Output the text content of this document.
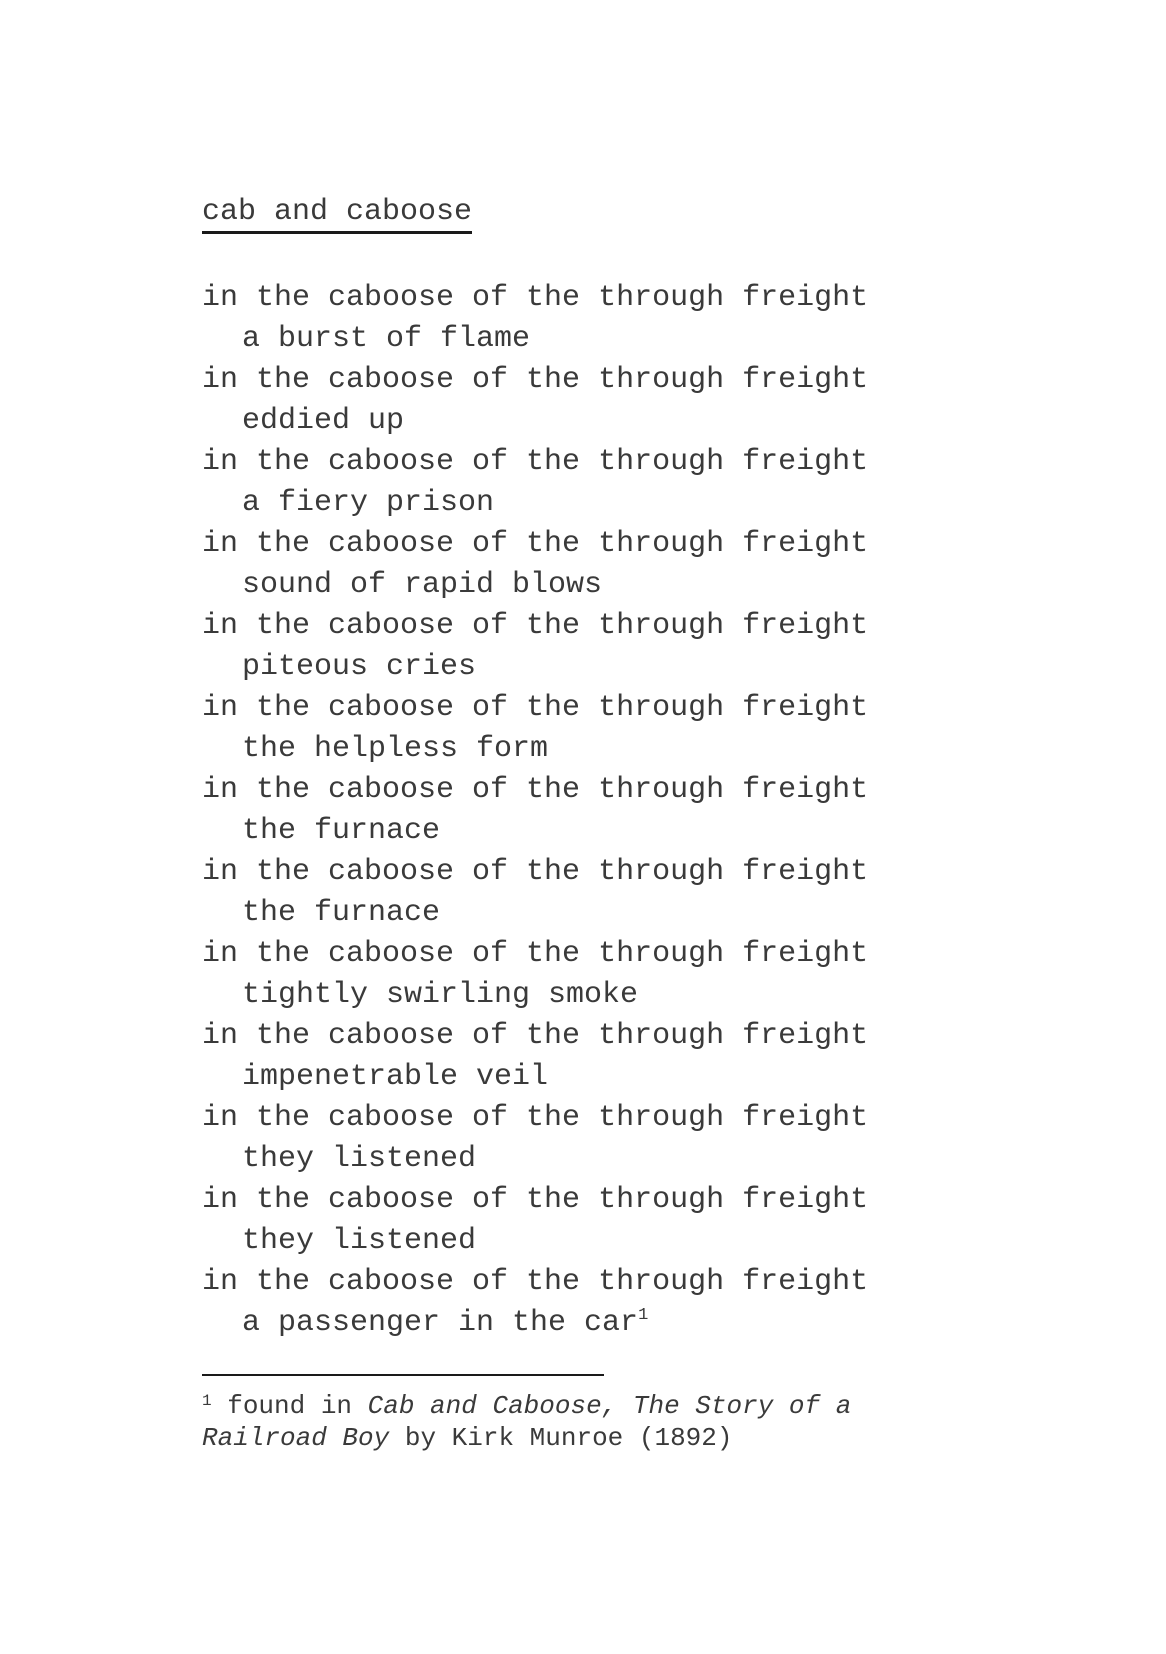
cab and caboose
in the caboose of the through freight
a burst of flame
in the caboose of the through freight
eddied up
in the caboose of the through freight
a fiery prison
in the caboose of the through freight
sound of rapid blows
in the caboose of the through freight
piteous cries
in the caboose of the through freight
the helpless form
in the caboose of the through freight
the furnace
in the caboose of the through freight
the furnace
in the caboose of the through freight
tightly swirling smoke
in the caboose of the through freight
impenetrable veil
in the caboose of the through freight
they listened
in the caboose of the through freight
they listened
in the caboose of the through freight
a passenger in the car$^1$
$^1$ found in Cab and Caboose, The Story of a Railroad Boy by Kirk Munroe (1892)
